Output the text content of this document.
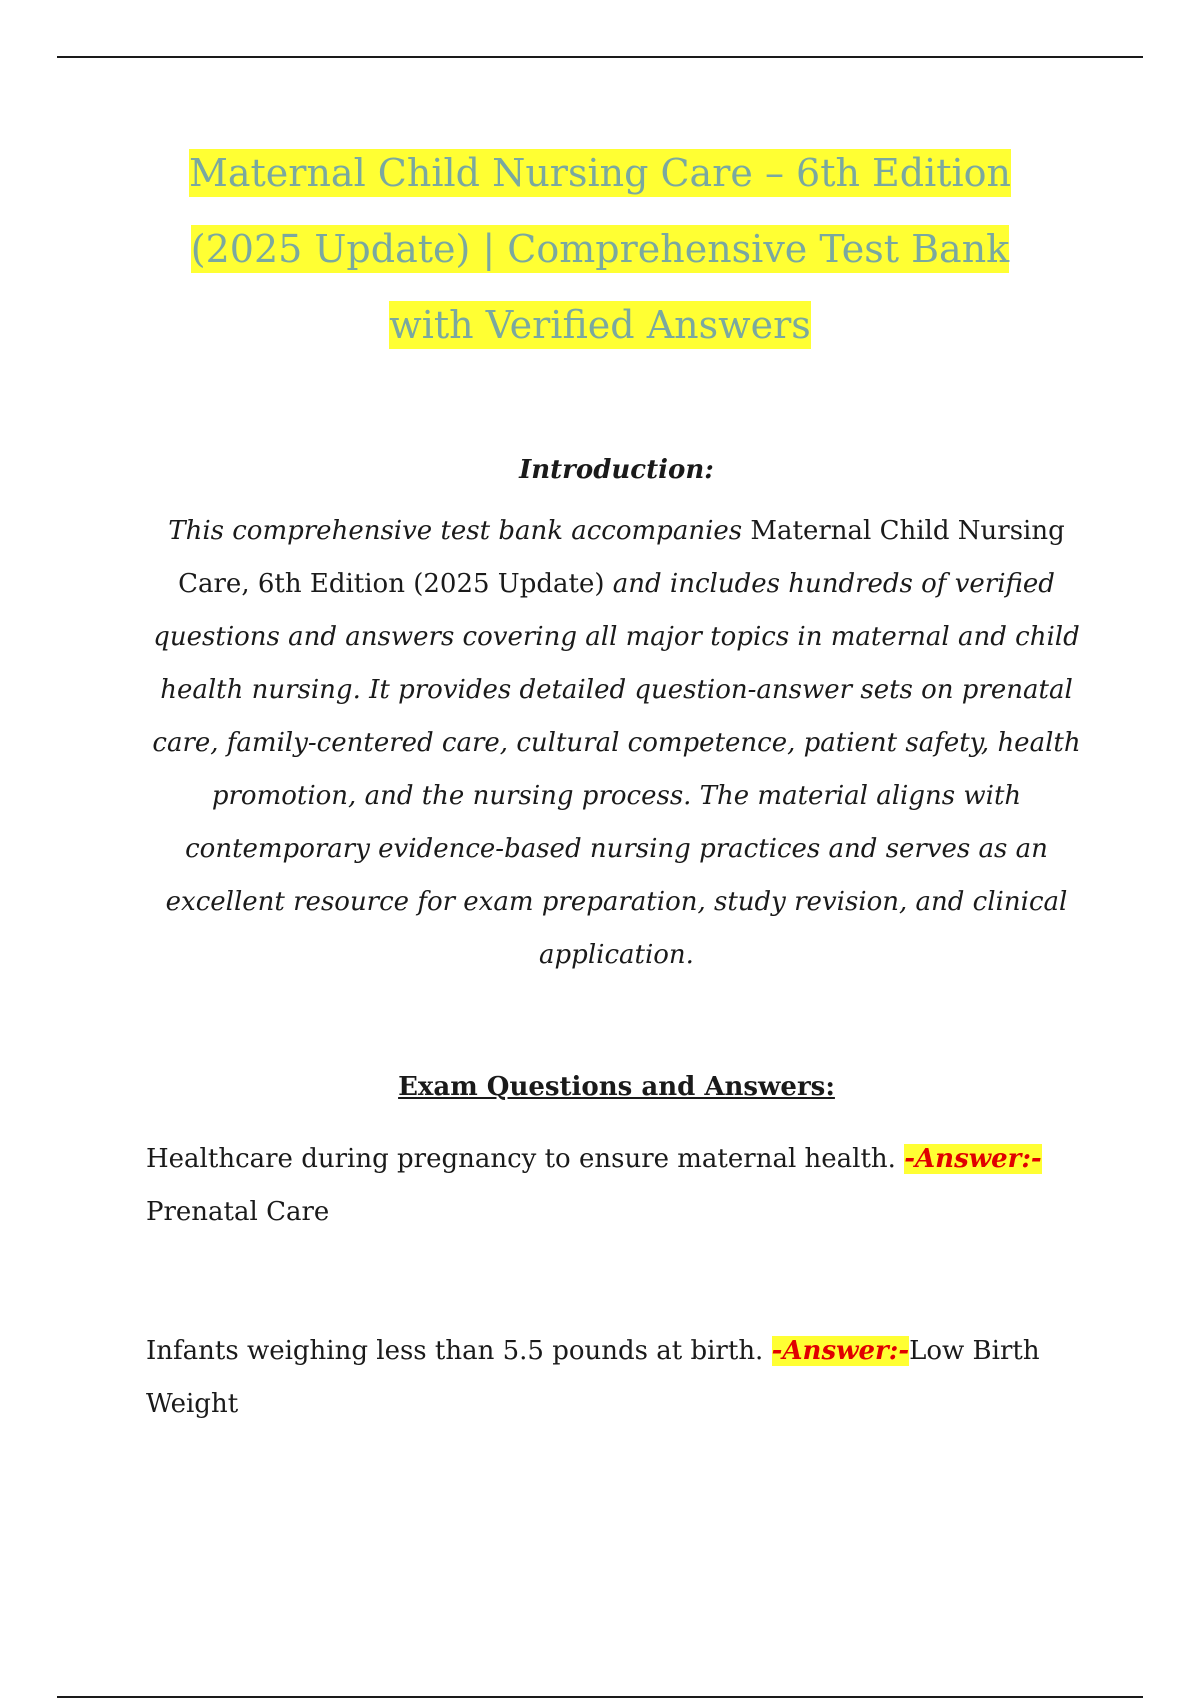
Maternal Child Nursing Care – 6th Edition
(2025 Update) | Comprehensive Test Bank
with Verified Answers
Introduction:
This comprehensive test bank accompanies Maternal Child Nursing Care, 6th Edition (2025 Update) and includes hundreds of verified questions and answers covering all major topics in maternal and child health nursing. It provides detailed question-answer sets on prenatal care, family-centered care, cultural competence, patient safety, health promotion, and the nursing process. The material aligns with contemporary evidence-based nursing practices and serves as an excellent resource for exam preparation, study revision, and clinical application.
Exam Questions and Answers:
Healthcare during pregnancy to ensure maternal health. -Answer:-Prenatal Care
Infants weighing less than 5.5 pounds at birth. -Answer:-Low Birth Weight
